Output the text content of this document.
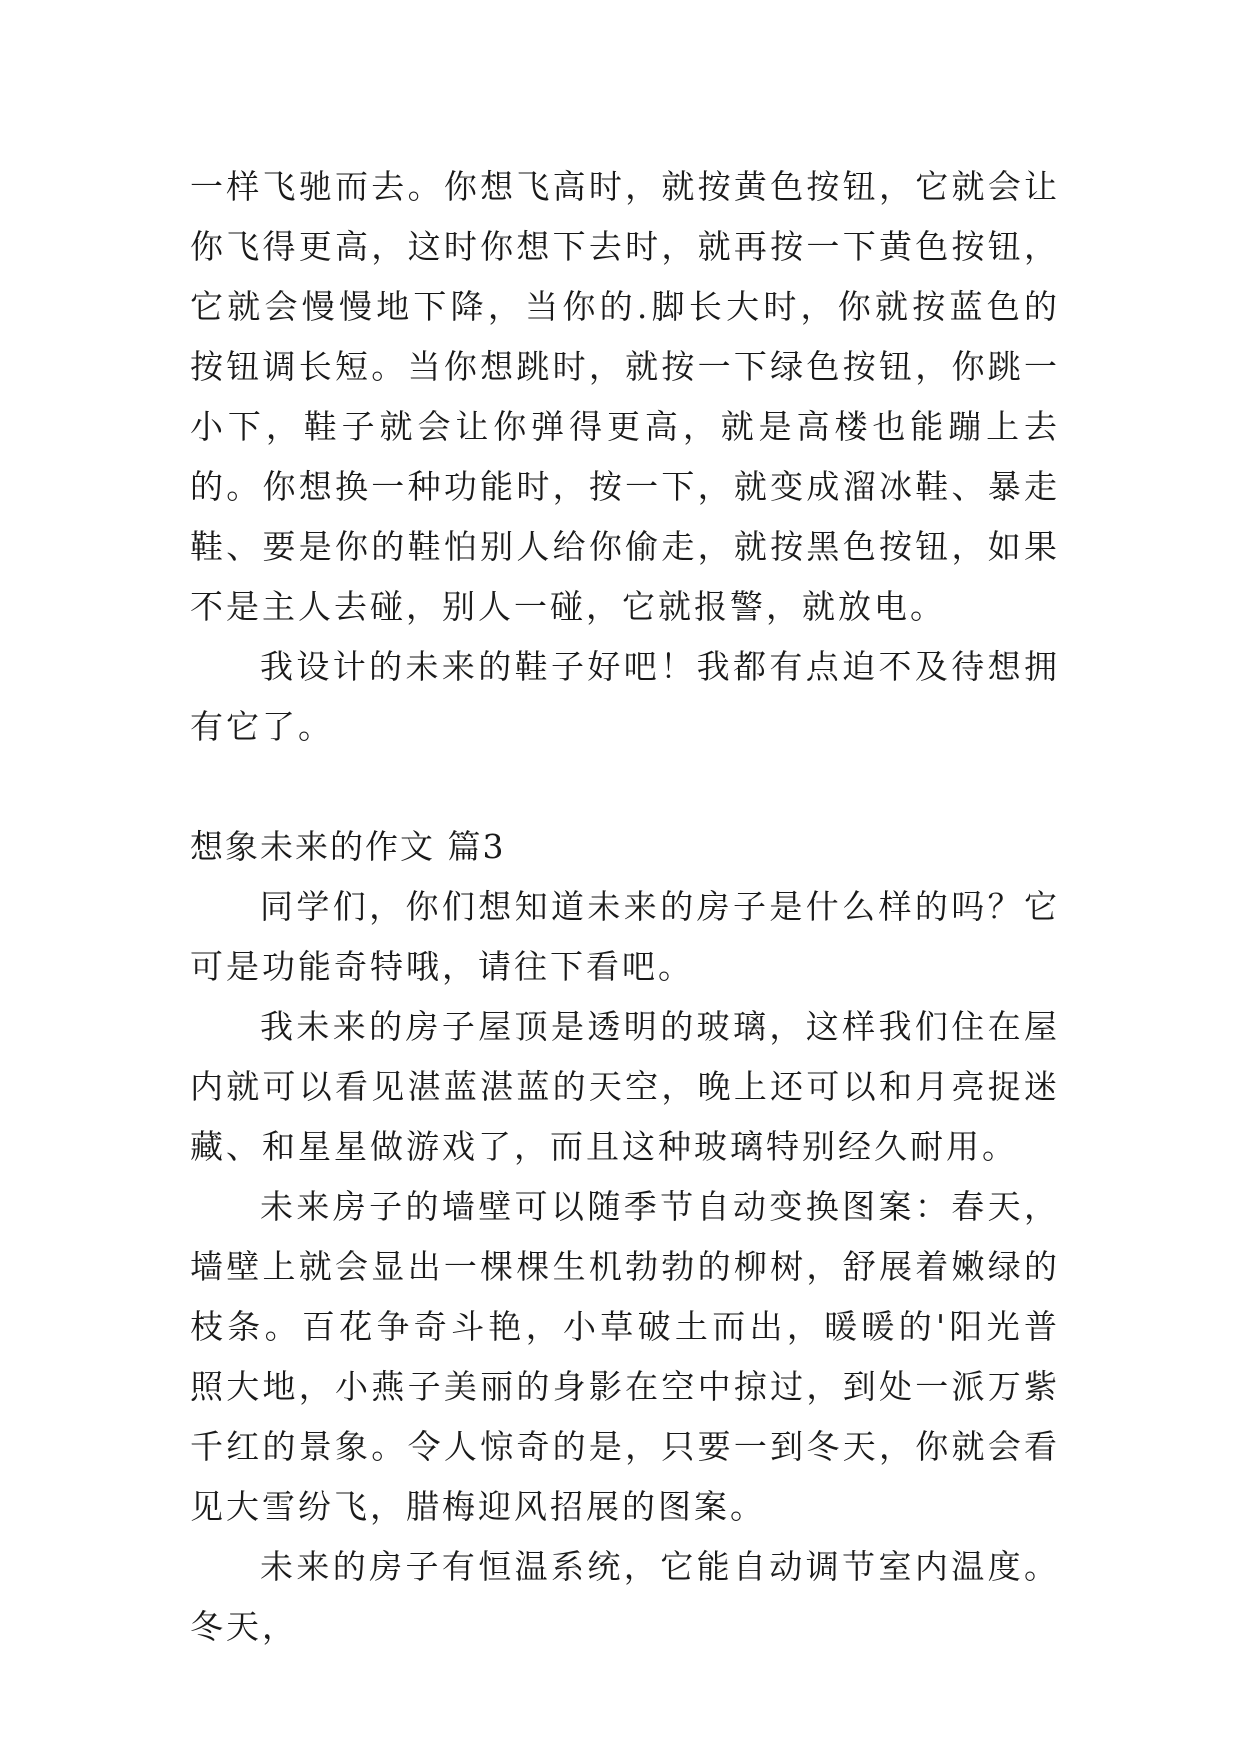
一样飞驰而去。你想飞高时，就按黄色按钮，它就会让你飞得更高，这时你想下去时，就再按一下黄色按钮，它就会慢慢地下降，当你的.脚长大时，你就按蓝色的按钮调长短。当你想跳时，就按一下绿色按钮，你跳一小下，鞋子就会让你弹得更高，就是高楼也能蹦上去的。你想换一种功能时，按一下，就变成溜冰鞋、暴走鞋、要是你的鞋怕别人给你偷走，就按黑色按钮，如果不是主人去碰，别人一碰，它就报警，就放电。

我设计的未来的鞋子好吧！我都有点迫不及待想拥有它了。

想象未来的作文 篇3

同学们，你们想知道未来的房子是什么样的吗？它可是功能奇特哦，请往下看吧。

我未来的房子屋顶是透明的玻璃，这样我们住在屋内就可以看见湛蓝湛蓝的天空，晚上还可以和月亮捉迷藏、和星星做游戏了，而且这种玻璃特别经久耐用。

未来房子的墙壁可以随季节自动变换图案：春天，墙壁上就会显出一棵棵生机勃勃的柳树，舒展着嫩绿的枝条。百花争奇斗艳，小草破土而出，暖暖的'阳光普照大地，小燕子美丽的身影在空中掠过，到处一派万紫千红的景象。令人惊奇的是，只要一到冬天，你就会看见大雪纷飞，腊梅迎风招展的图案。

未来的房子有恒温系统，它能自动调节室内温度。冬天，
